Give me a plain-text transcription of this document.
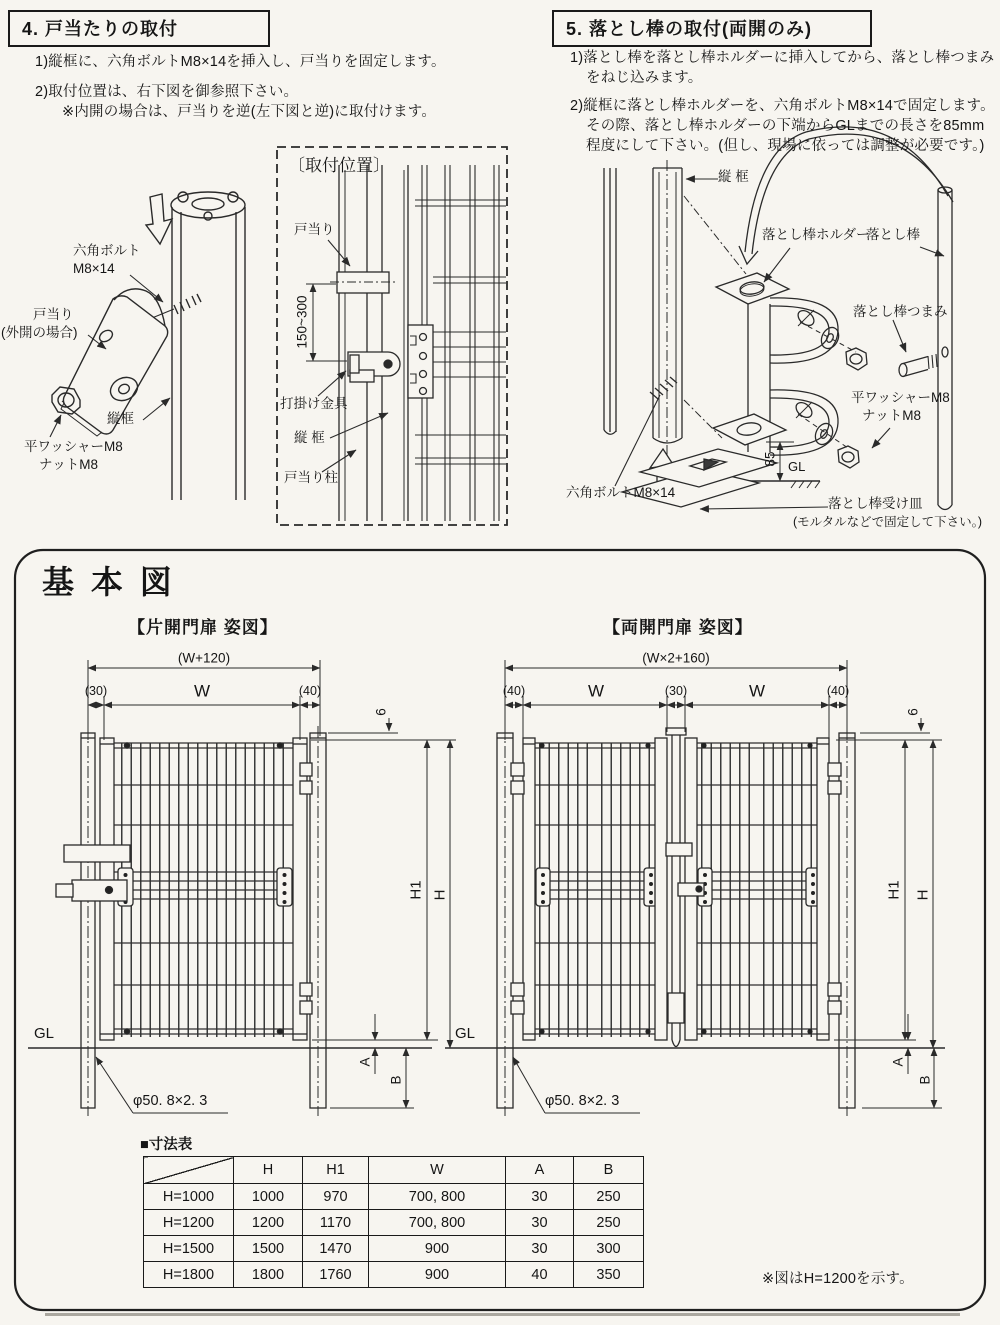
4. 戸当たりの取付	5. 落とし棒の取付(両開のみ)
1)縦框に、六角ボルトM8×14を挿入し、戸当りを固定します。
2)取付位置は、右下図を御参照下さい。
※内開の場合は、戸当りを逆(左下図と逆)に取付けます。
1)落とし棒を落とし棒ホルダーに挿入してから、落とし棒つまみ
をねじ込みます。
2)縦框に落とし棒ホルダーを、六角ボルトM8×14で固定します。
その際、落とし棒ホルダーの下端からGLまでの長さを85mm
程度にして下さい。(但し、現場に依っては調整が必要です。)
六角ボルト
M8×14
戸当り
(外開の場合)
縦框
平ワッシャーM8
ナットM8
〔取付位置〕
戸当り
150~300
打掛け金具
縦 框
戸当り柱
縦 框
落とし棒ホルダー
落とし棒
落とし棒つまみ
平ワッシャーM8
ナットM8
85 GL
六角ボルトM8×14
落とし棒受け皿
(モルタルなどで固定して下さい。)
基 本 図
【片開門扉 姿図】	【両開門扉 姿図】
(W+120)
(30)	W	(40)
6
H1 H
A
B
GL
φ50. 8×2. 3
(W×2+160)
(40)	W	(30)	W	(40)
6
H1 H
A
B
GL
φ50. 8×2. 3
■寸法表
	H	H1	W	A	B
H=1000	1000	970	700, 800	30	250
H=1200	1200	1170	700, 800	30	250
H=1500	1500	1470	900	30	300
H=1800	1800	1760	900	40	350	※図はH=1200を示す。
